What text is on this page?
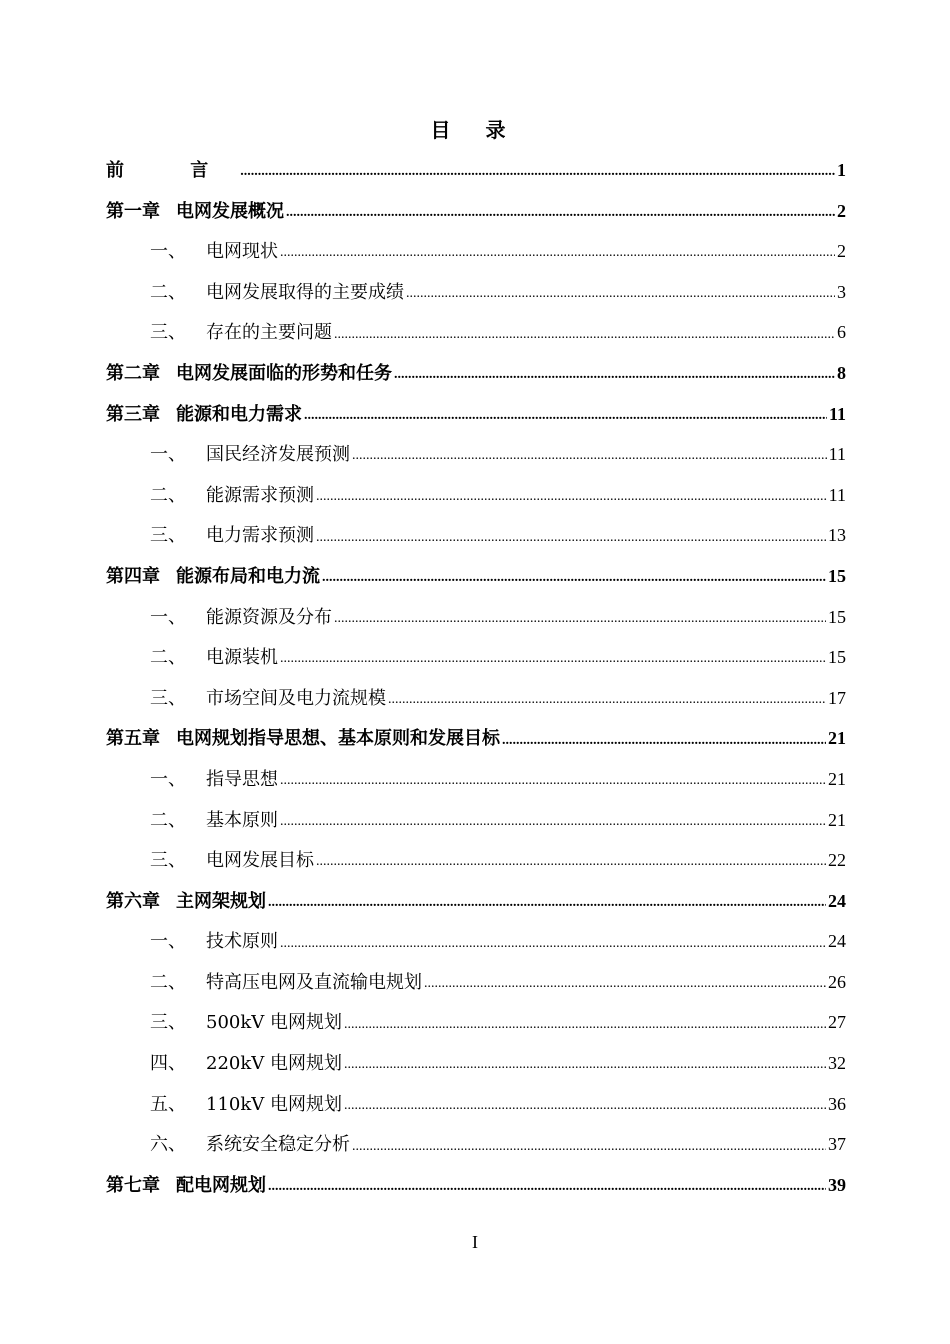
目 录
前 言 .....	1
第一章 电网发展概况 .....	2
一、	电网现状 .....	2
二、	电网发展取得的主要成绩 .....	3
三、	存在的主要问题 .....	6
第二章 电网发展面临的形势和任务 .....	8
第三章 能源和电力需求 .....	11
一、	国民经济发展预测 .....	11
二、	能源需求预测 .....	11
三、	电力需求预测 .....	13
第四章 能源布局和电力流 .....	15
一、	能源资源及分布 .....	15
二、	电源装机 .....	15
三、	市场空间及电力流规模 .....	17
第五章 电网规划指导思想、基本原则和发展目标 .....	21
一、	指导思想 .....	21
二、	基本原则 .....	21
三、	电网发展目标 .....	22
第六章 主网架规划 .....	24
一、	技术原则 .....	24
二、	特高压电网及直流输电规划 .....	26
三、	500kV 电网规划 .....	27
四、	220kV 电网规划 .....	32
五、	110kV 电网规划 .....	36
六、	系统安全稳定分析 .....	37
第七章 配电网规划 .....	39
I
